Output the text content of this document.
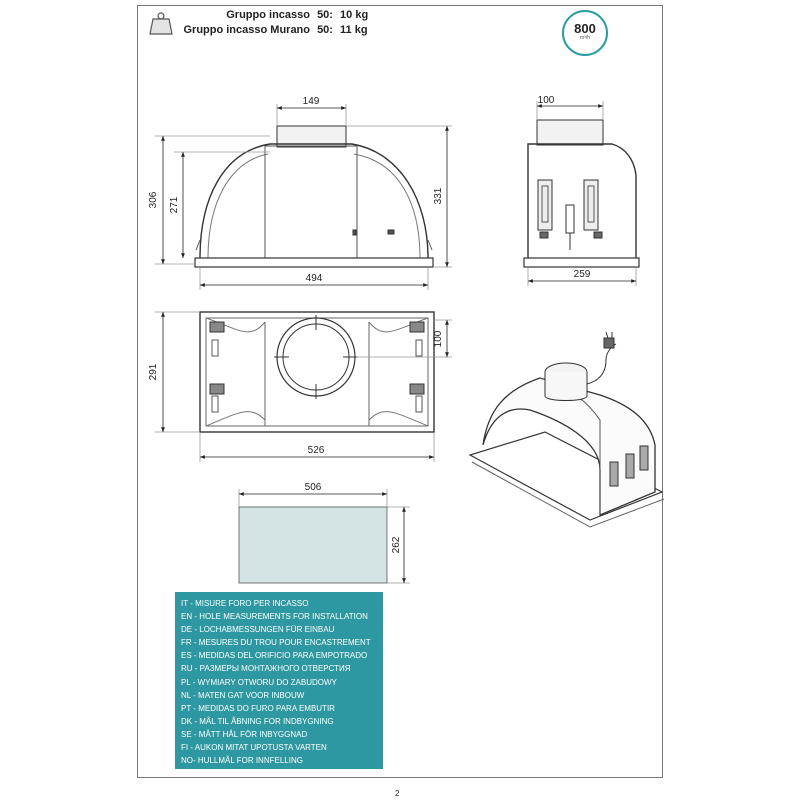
149
306 271
331
494
100
259
291
100
526
506
262
Gruppo incasso 50: 10 kg
Gruppo incasso Murano 50: 11 kg	800
m³/h
IT - MISURE FORO PER INCASSO
EN - HOLE MEASUREMENTS FOR INSTALLATION
DE - LOCHABMESSUNGEN FÜR EINBAU
FR - MESURES DU TROU POUR ENCASTREMENT
ES - MEDIDAS DEL ORIFICIO PARA EMPOTRADO
RU - РАЗМЕРЫ МОНТАЖНОГО ОТВЕРСТИЯ
PL - WYMIARY OTWORU DO ZABUDOWY
NL - MATEN GAT VOOR INBOUW
PT - MEDIDAS DO FURO PARA EMBUTIR
DK - MÅL TIL ÅBNING FOR INDBYGNING
SE - MÅTT HÅL FÖR INBYGGNAD
FI - AUKON MITAT UPOTUSTA VARTEN
NO- HULLMÅL FOR INNFELLING
2
